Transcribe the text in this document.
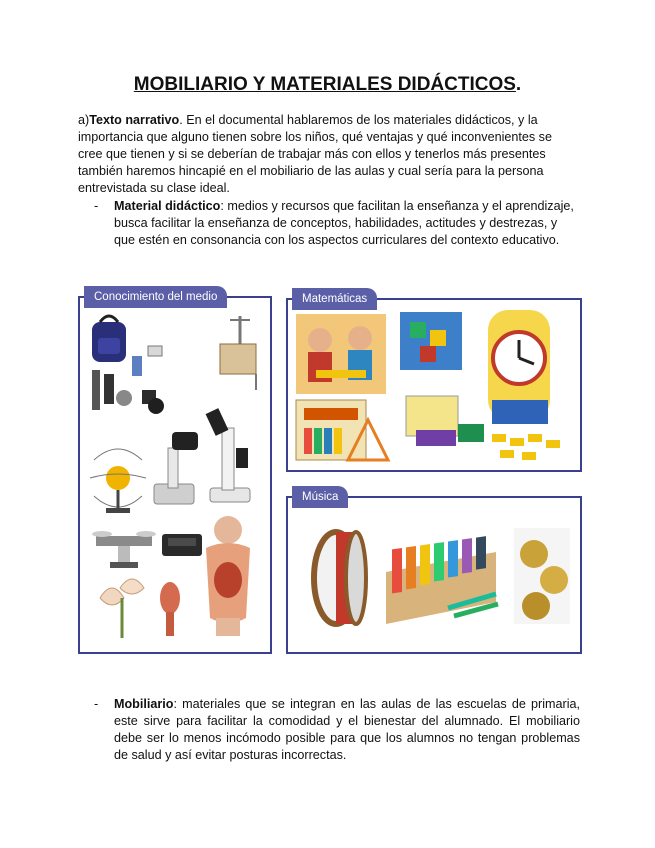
MOBILIARIO Y MATERIALES DIDÁCTICOS.
a)Texto narrativo. En el documental hablaremos de los materiales didácticos, y la importancia que alguno tienen sobre los niños, qué ventajas y qué inconvenientes se cree que tienen y si se deberían de trabajar más con ellos y tenerlos más presentes también haremos hincapié en el mobiliario de las aulas y cual sería para la persona entrevistada su clase ideal.
- Material didáctico: medios y recursos que facilitan la enseñanza y el aprendizaje, busca facilitar la enseñanza de conceptos, habilidades, actitudes y destrezas, y que estén en consonancia con los aspectos curriculares del contexto educativo.
Conocimiento del medio	Matemáticas
Música
- Mobiliario: materiales que se integran en las aulas de las escuelas de primaria, este sirve para facilitar la comodidad y el bienestar del alumnado. El mobiliario debe ser lo menos incómodo posible para que los alumnos no tengan problemas de salud y así evitar posturas incorrectas.
